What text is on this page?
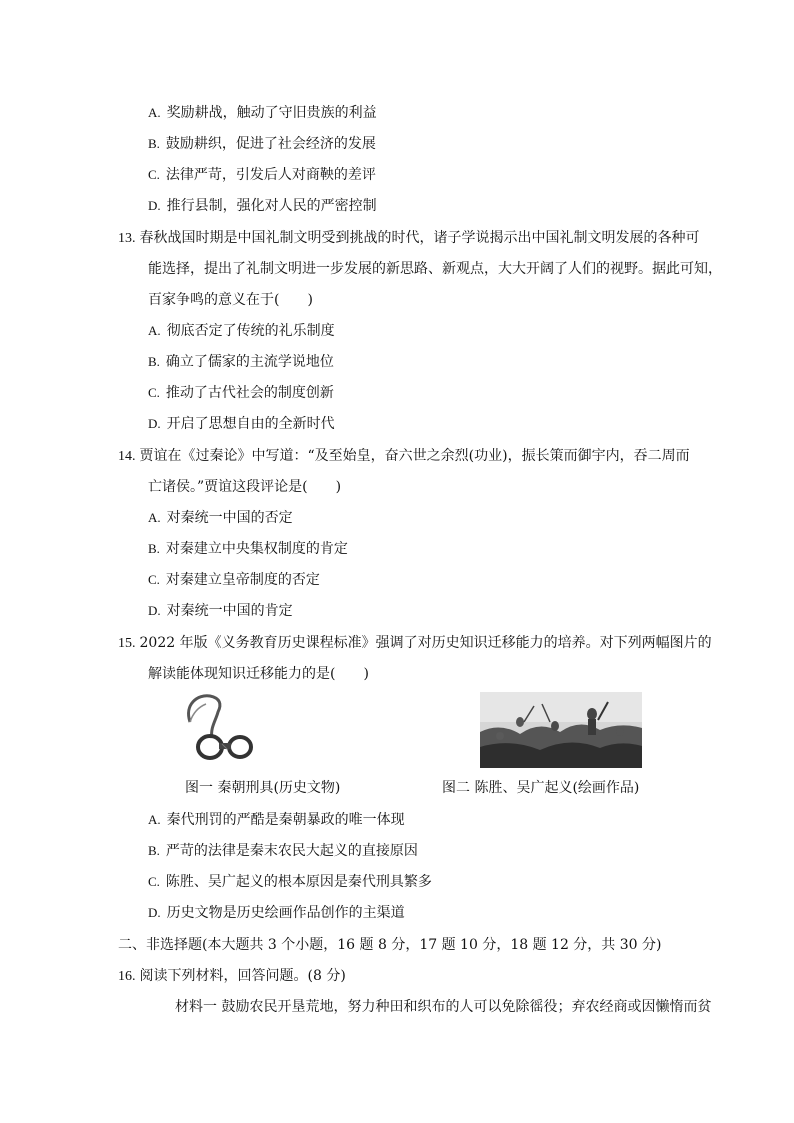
A. 奖励耕战，触动了守旧贵族的利益
B. 鼓励耕织，促进了社会经济的发展
C. 法律严苛，引发后人对商鞅的差评
D. 推行县制，强化对人民的严密控制
13. 春秋战国时期是中国礼制文明受到挑战的时代，诸子学说揭示出中国礼制文明发展的各种可
能选择，提出了礼制文明进一步发展的新思路、新观点，大大开阔了人们的视野。据此可知，
百家争鸣的意义在于(　　)
A. 彻底否定了传统的礼乐制度
B. 确立了儒家的主流学说地位
C. 推动了古代社会的制度创新
D. 开启了思想自由的全新时代
14. 贾谊在《过秦论》中写道：“及至始皇，奋六世之余烈(功业)，振长策而御宇内，吞二周而
亡诸侯。”贾谊这段评论是(　　)
A. 对秦统一中国的否定
B. 对秦建立中央集权制度的肯定
C. 对秦建立皇帝制度的否定
D. 对秦统一中国的肯定
15. 2022 年版《义务教育历史课程标准》强调了对历史知识迁移能力的培养。对下列两幅图片的
解读能体现知识迁移能力的是(　　)
图一 秦朝刑具(历史文物)	图二 陈胜、吴广起义(绘画作品)
A. 秦代刑罚的严酷是秦朝暴政的唯一体现
B. 严苛的法律是秦末农民大起义的直接原因
C. 陈胜、吴广起义的根本原因是秦代刑具繁多
D. 历史文物是历史绘画作品创作的主渠道
二、非选择题(本大题共 3 个小题，16 题 8 分，17 题 10 分，18 题 12 分，共 30 分)
16. 阅读下列材料，回答问题。(8 分)
材料一 鼓励农民开垦荒地，努力种田和织布的人可以免除徭役；弃农经商或因懒惰而贫
